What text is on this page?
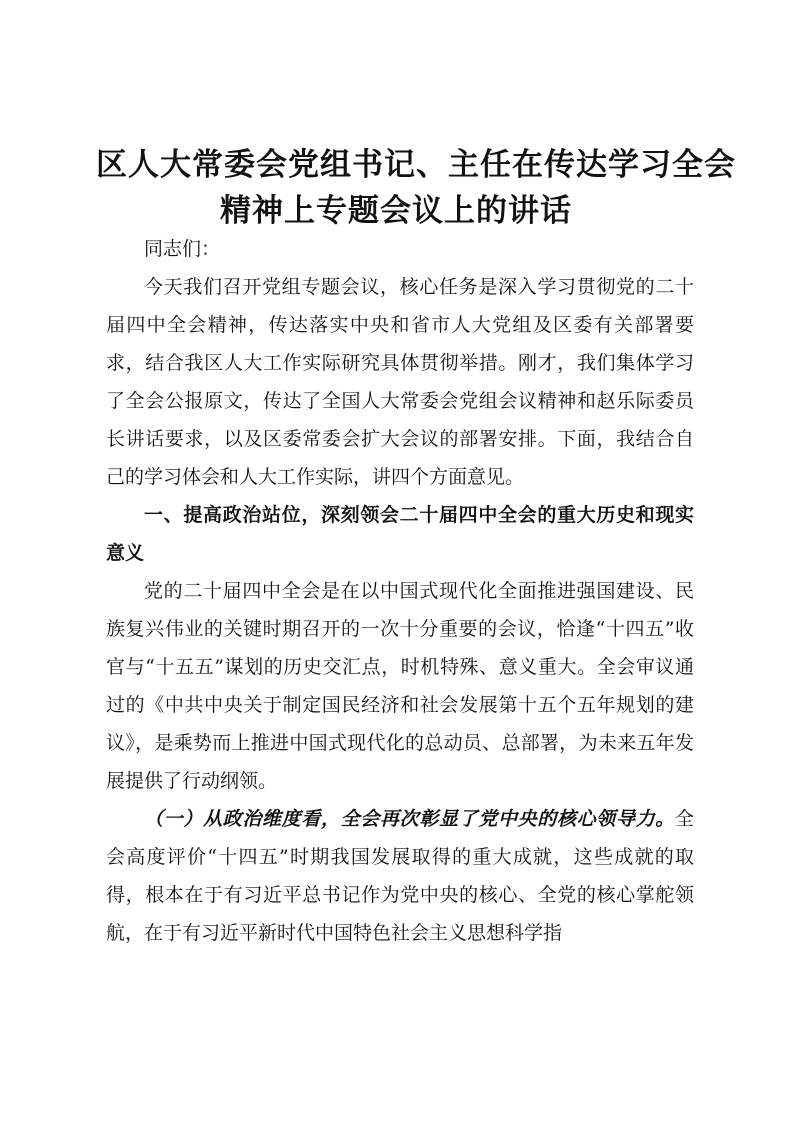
区人大常委会党组书记、主任在传达学习全会
精神上专题会议上的讲话

同志们：

今天我们召开党组专题会议，核心任务是深入学习贯彻党的二十届四中全会精神，传达落实中央和省市人大党组及区委有关部署要求，结合我区人大工作实际研究具体贯彻举措。刚才，我们集体学习了全会公报原文，传达了全国人大常委会党组会议精神和赵乐际委员长讲话要求，以及区委常委会扩大会议的部署安排。下面，我结合自己的学习体会和人大工作实际，讲四个方面意见。

一、提高政治站位，深刻领会二十届四中全会的重大历史和现实意义

党的二十届四中全会是在以中国式现代化全面推进强国建设、民族复兴伟业的关键时期召开的一次十分重要的会议，恰逢“十四五”收官与“十五五”谋划的历史交汇点，时机特殊、意义重大。全会审议通过的《中共中央关于制定国民经济和社会发展第十五个五年规划的建议》，是乘势而上推进中国式现代化的总动员、总部署，为未来五年发展提供了行动纲领。

（一）从政治维度看，全会再次彰显了党中央的核心领导力。全会高度评价“十四五”时期我国发展取得的重大成就，这些成就的取得，根本在于有习近平总书记作为党中央的核心、全党的核心掌舵领航，在于有习近平新时代中国特色社会主义思想科学指
